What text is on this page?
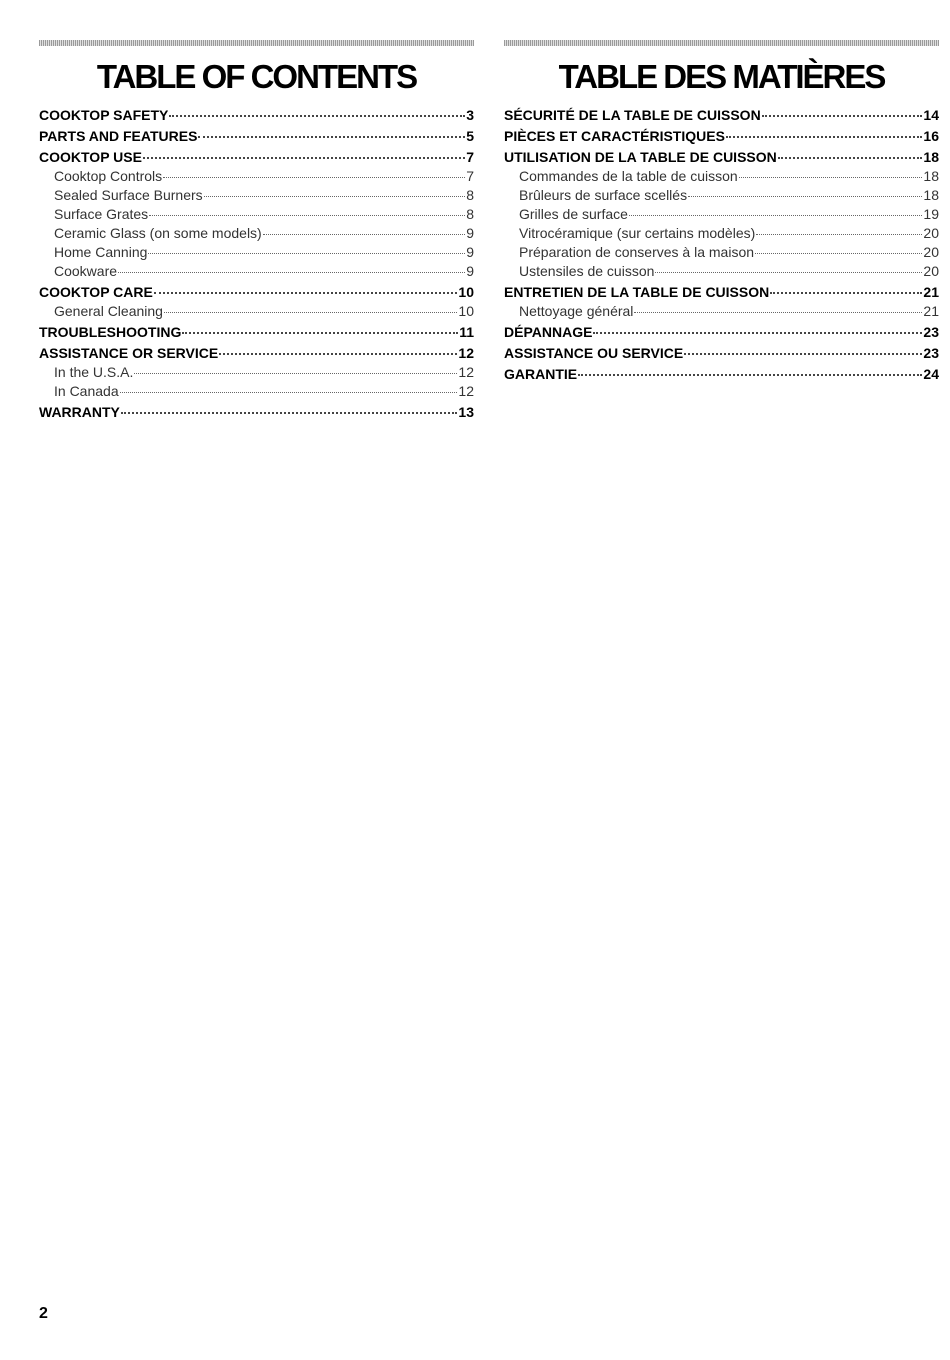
TABLE OF CONTENTS
COOKTOP SAFETY	3
PARTS AND FEATURES	5
COOKTOP USE	7
Cooktop Controls	7
Sealed Surface Burners	8
Surface Grates	8
Ceramic Glass (on some models)	9
Home Canning	9
Cookware	9
COOKTOP CARE	10
General Cleaning	10
TROUBLESHOOTING	11
ASSISTANCE OR SERVICE	12
In the U.S.A.	12
In Canada	12
WARRANTY	13
TABLE DES MATIÈRES
SÉCURITÉ DE LA TABLE DE CUISSON	14
PIÈCES ET CARACTÉRISTIQUES	16
UTILISATION DE LA TABLE DE CUISSON	18
Commandes de la table de cuisson	18
Brûleurs de surface scellés	18
Grilles de surface	19
Vitrocéramique (sur certains modèles)	20
Préparation de conserves à la maison	20
Ustensiles de cuisson	20
ENTRETIEN DE LA TABLE DE CUISSON	21
Nettoyage général	21
DÉPANNAGE	23
ASSISTANCE OU SERVICE	23
GARANTIE	24
2
